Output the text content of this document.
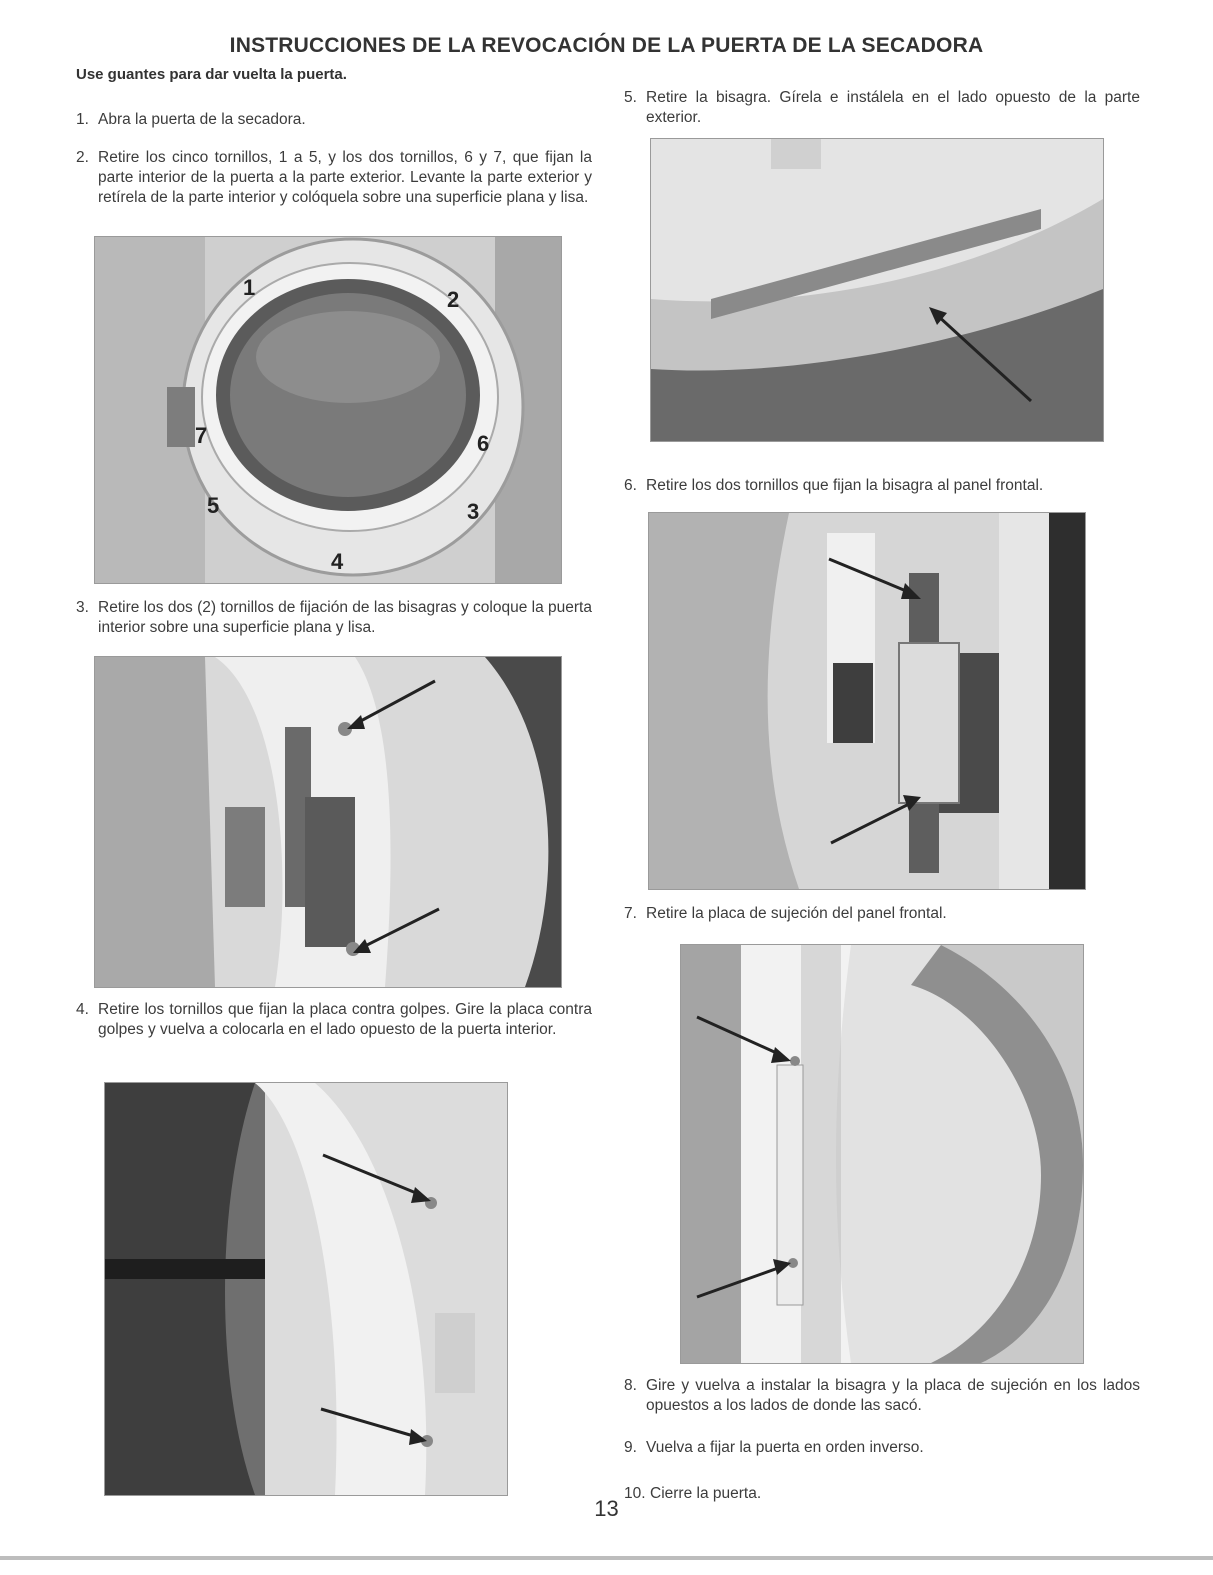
INSTRUCCIONES DE LA REVOCACIÓN DE LA PUERTA DE LA SECADORA
Use guantes para dar vuelta la puerta.
1. Abra la puerta de la secadora.
2. Retire los cinco tornillos, 1 a 5, y los dos tornillos, 6 y 7, que fijan la parte interior de la puerta a la parte exterior. Levante la parte exterior y retírela de la parte interior y colóquela sobre una superficie plana y lisa.
1	2
3
4
5
6
7
3. Retire los dos (2) tornillos de fijación de las bisagras y coloque la puerta interior sobre una superficie plana y lisa.
4. Retire los tornillos que fijan la placa contra golpes. Gire la placa contra golpes y vuelva a colocarla en el lado opuesto de la puerta interior.
5. Retire la bisagra. Gírela e instálela en el lado opuesto de la parte exterior.
6. Retire los dos tornillos que fijan la bisagra al panel frontal.
7. Retire la placa de sujeción del panel frontal.
8. Gire y vuelva a instalar la bisagra y la placa de sujeción en los lados opuestos a los lados de donde las sacó.
9. Vuelva a fijar la puerta en orden inverso.
10. Cierre la puerta.
13
